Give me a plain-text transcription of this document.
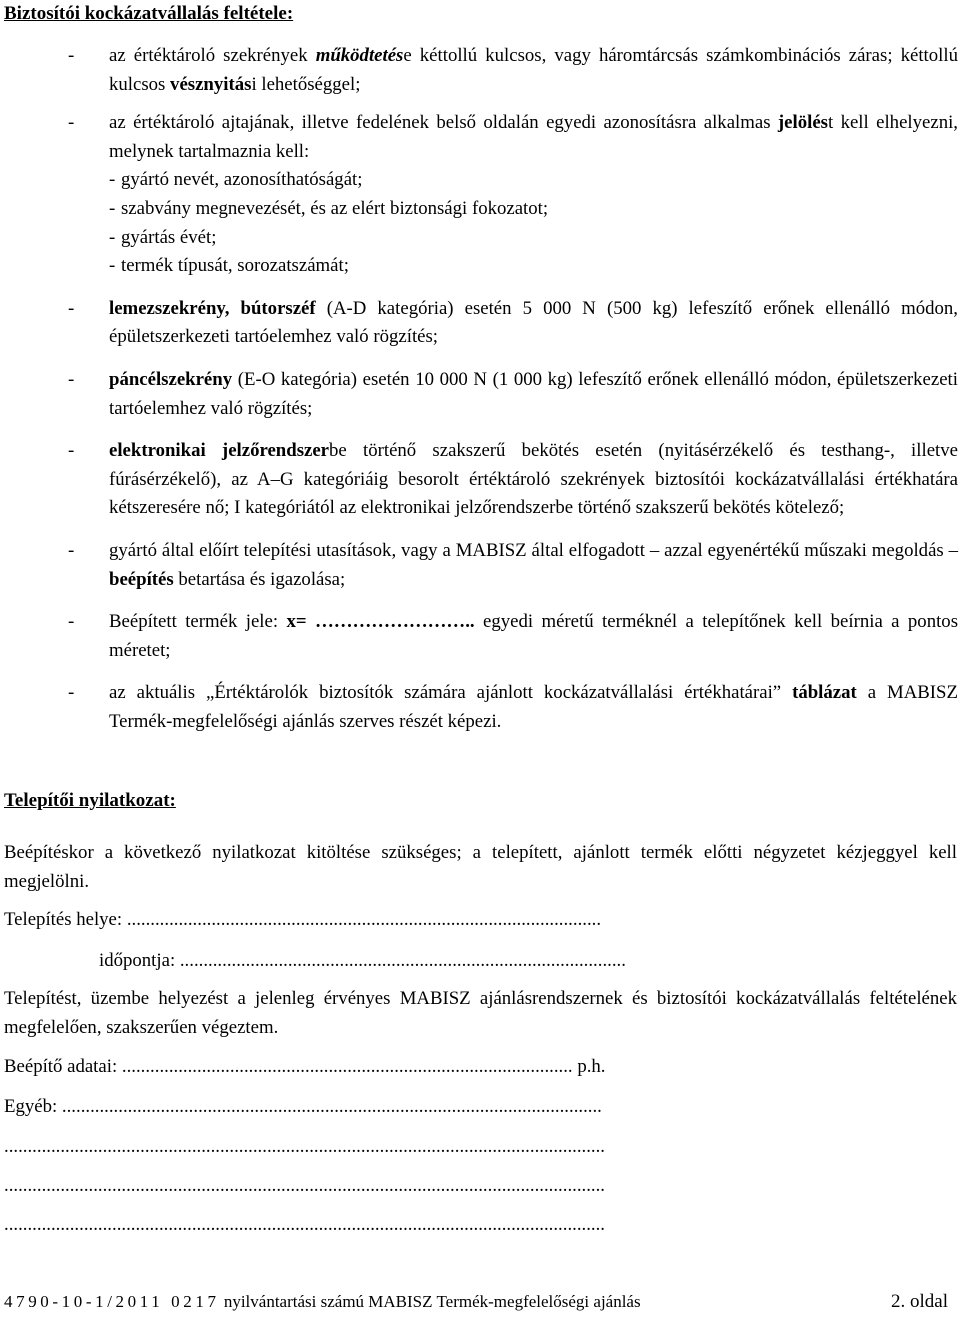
Biztosítói kockázatvállalás feltétele:
- az értéktároló szekrények működtetése kéttollú kulcsos, vagy háromtárcsás számkombinációs záras; kéttollú kulcsos vésznyitási lehetőséggel;
- az értéktároló ajtajának, illetve fedelének belső oldalán egyedi azonosításra alkalmas jelölést kell elhelyezni, melynek tartalmaznia kell:
- gyártó nevét, azonosíthatóságát;
- szabvány megnevezését, és az elért biztonsági fokozatot;
- gyártás évét;
- termék típusát, sorozatszámát;
- lemezszekrény, bútorszéf (A-D kategória) esetén 5 000 N (500 kg) lefeszítő erőnek ellenálló módon, épületszerkezeti tartóelemhez való rögzítés;
- páncélszekrény (E-O kategória) esetén 10 000 N (1 000 kg) lefeszítő erőnek ellenálló módon, épületszerkezeti tartóelemhez való rögzítés;
- elektronikai jelzőrendszerbe történő szakszerű bekötés esetén (nyitásérzékelő és testhang-, illetve fúrásérzékelő), az A–G kategóriáig besorolt értéktároló szekrények biztosítói kockázatvállalási értékhatára kétszeresére nő; I kategóriától az elektronikai jelzőrendszerbe történő szakszerű bekötés kötelező;
- gyártó által előírt telepítési utasítások, vagy a MABISZ által elfogadott – azzal egyenértékű műszaki megoldás – beépítés betartása és igazolása;
- Beépített termék jele: x= …………………….. egyedi méretű terméknél a telepítőnek kell beírnia a pontos méretet;
- az aktuális „Értéktárolók biztosítók számára ajánlott kockázatvállalási értékhatárai” táblázat a MABISZ Termék-megfelelőségi ajánlás szerves részét képezi.
Telepítői nyilatkozat:
Beépítéskor a következő nyilatkozat kitöltése szükséges; a telepített, ajánlott termék előtti négyzetet kézjeggyel kell megjelölni.
Telepítés helye: .....................................................................................................
időpontja: ...............................................................................................
Telepítést, üzembe helyezést a jelenleg érvényes MABISZ ajánlásrendszernek és biztosítói kockázatvállalás feltételének megfelelően, szakszerűen végeztem.
Beépítő adatai: ................................................................................................ p.h.
Egyéb: ...................................................................................................................
................................................................................................................................
................................................................................................................................
................................................................................................................................
4790-10-1/2011 0217 nyilvántartási számú MABISZ Termék-megfelelőségi ajánlás	2. oldal
